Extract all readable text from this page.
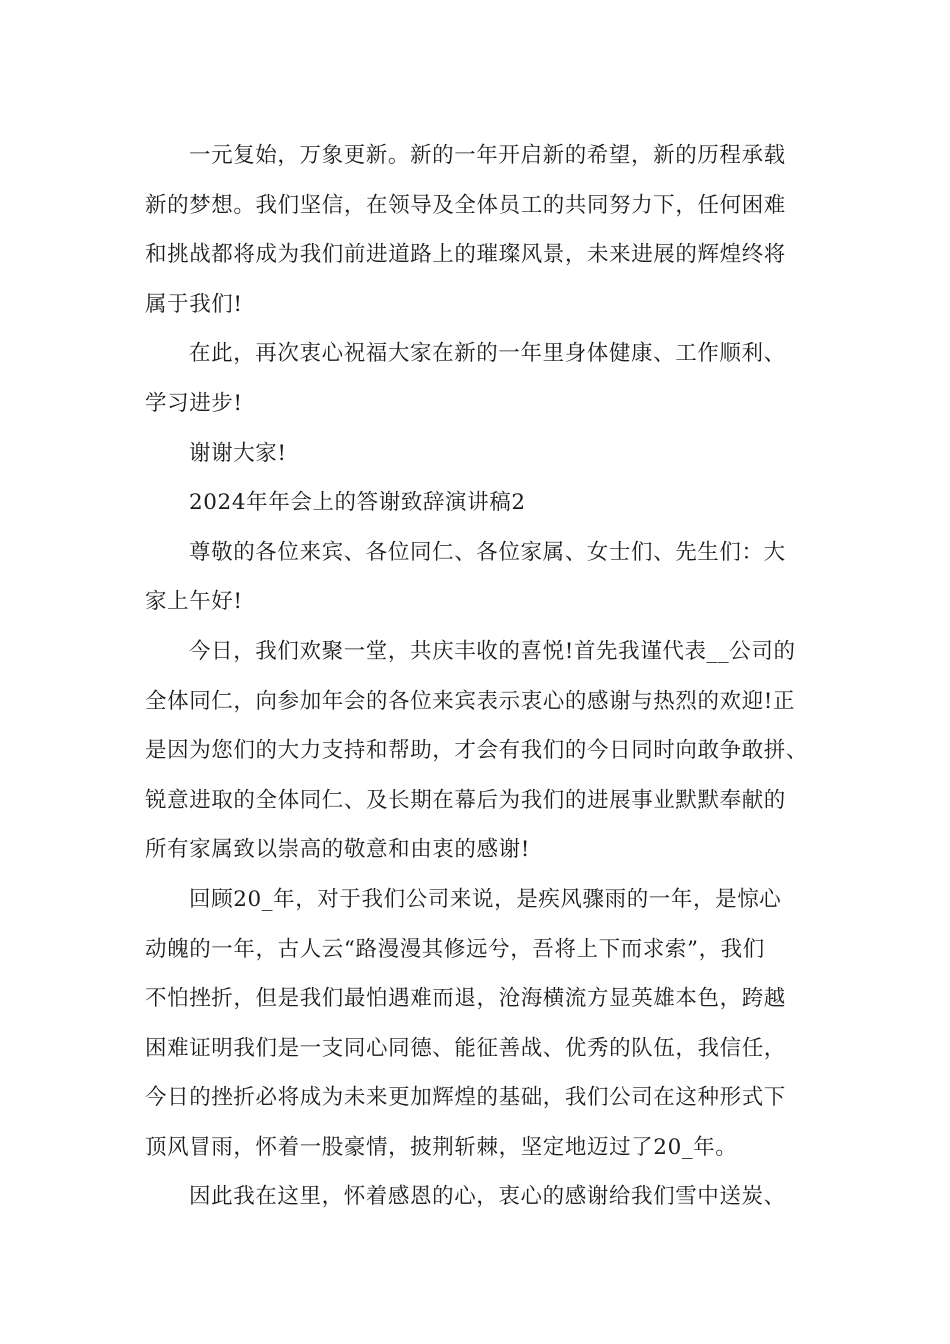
一元复始，万象更新。新的一年开启新的希望，新的历程承载
新的梦想。我们坚信，在领导及全体员工的共同努力下，任何困难
和挑战都将成为我们前进道路上的璀璨风景，未来进展的辉煌终将
属于我们!
在此，再次衷心祝福大家在新的一年里身体健康、工作顺利、
学习进步!
谢谢大家!
2024年年会上的答谢致辞演讲稿2
尊敬的各位来宾、各位同仁、各位家属、女士们、先生们：大
家上午好!
今日，我们欢聚一堂，共庆丰收的喜悦!首先我谨代表__公司的
全体同仁，向参加年会的各位来宾表示衷心的感谢与热烈的欢迎!正
是因为您们的大力支持和帮助，才会有我们的今日同时向敢争敢拼、
锐意进取的全体同仁、及长期在幕后为我们的进展事业默默奉献的
所有家属致以崇高的敬意和由衷的感谢!
回顾20_年，对于我们公司来说，是疾风骤雨的一年，是惊心
动魄的一年，古人云“路漫漫其修远兮，吾将上下而求索”，我们
不怕挫折，但是我们最怕遇难而退，沧海横流方显英雄本色，跨越
困难证明我们是一支同心同德、能征善战、优秀的队伍，我信任，
今日的挫折必将成为未来更加辉煌的基础，我们公司在这种形式下
顶风冒雨，怀着一股豪情，披荆斩棘，坚定地迈过了20_年。
因此我在这里，怀着感恩的心，衷心的感谢给我们雪中送炭、
